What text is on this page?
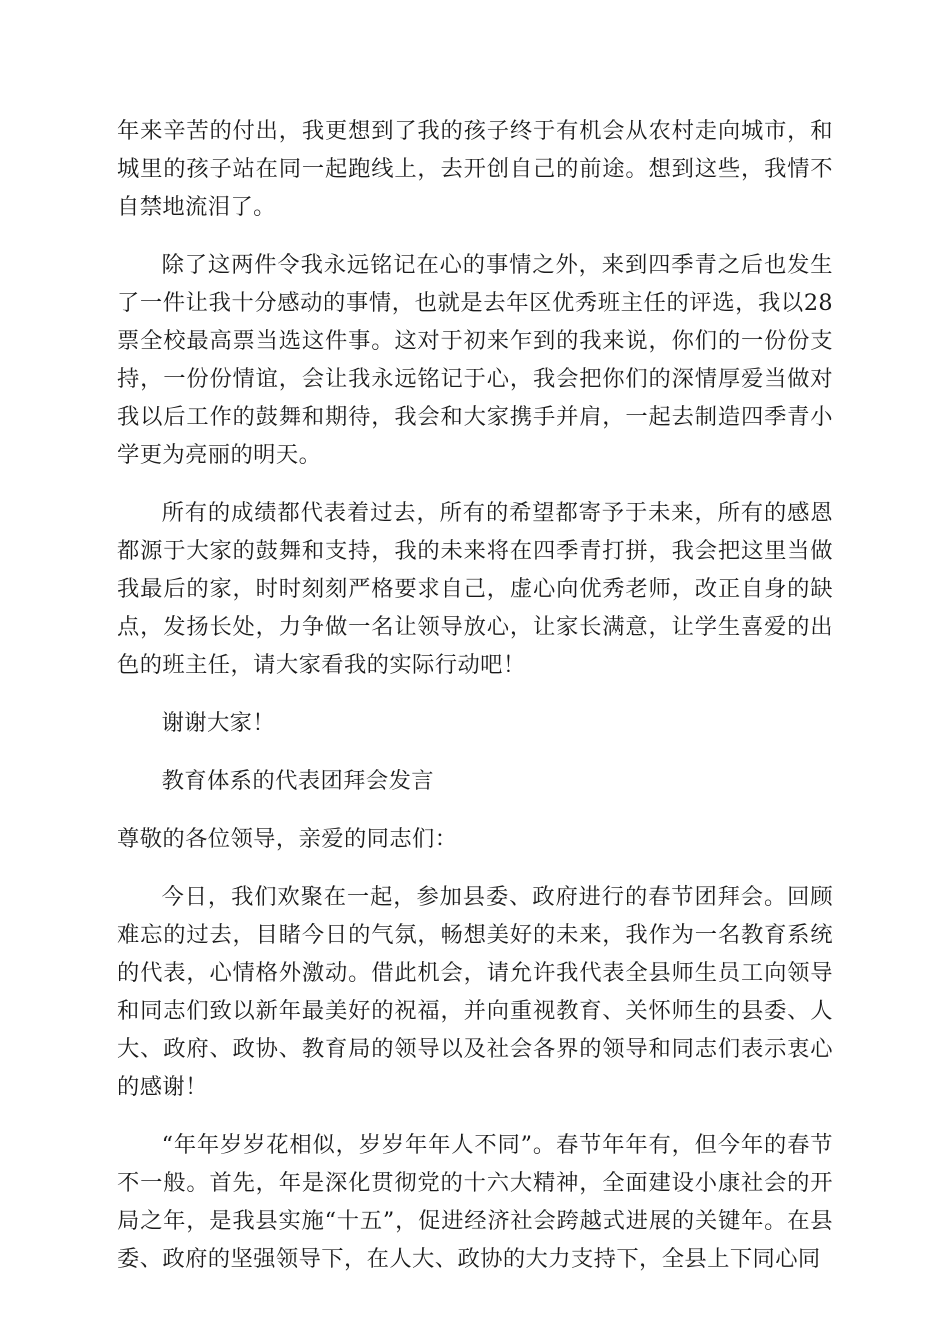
年来辛苦的付出，我更想到了我的孩子终于有机会从农村走向城市，和城里的孩子站在同一起跑线上，去开创自己的前途。想到这些，我情不自禁地流泪了。

除了这两件令我永远铭记在心的事情之外，来到四季青之后也发生了一件让我十分感动的事情，也就是去年区优秀班主任的评选，我以28票全校最高票当选这件事。这对于初来乍到的我来说，你们的一份份支持，一份份情谊，会让我永远铭记于心，我会把你们的深情厚爱当做对我以后工作的鼓舞和期待，我会和大家携手并肩，一起去制造四季青小学更为亮丽的明天。

所有的成绩都代表着过去，所有的希望都寄予于未来，所有的感恩都源于大家的鼓舞和支持，我的未来将在四季青打拼，我会把这里当做我最后的家，时时刻刻严格要求自己，虚心向优秀老师，改正自身的缺点，发扬长处，力争做一名让领导放心，让家长满意，让学生喜爱的出色的班主任，请大家看我的实际行动吧！

谢谢大家！

教育体系的代表团拜会发言

尊敬的各位领导，亲爱的同志们：

今日，我们欢聚在一起，参加县委、政府进行的春节团拜会。回顾难忘的过去，目睹今日的气氛，畅想美好的未来，我作为一名教育系统的代表，心情格外激动。借此机会，请允许我代表全县师生员工向领导和同志们致以新年最美好的祝福，并向重视教育、关怀师生的县委、人大、政府、政协、教育局的领导以及社会各界的领导和同志们表示衷心的感谢！

“年年岁岁花相似，岁岁年年人不同”。春节年年有，但今年的春节不一般。首先，年是深化贯彻党的十六大精神，全面建设小康社会的开局之年，是我县实施“十五”，促进经济社会跨越式进展的关键年。在县委、政府的坚强领导下，在人大、政协的大力支持下，全县上下同心同
